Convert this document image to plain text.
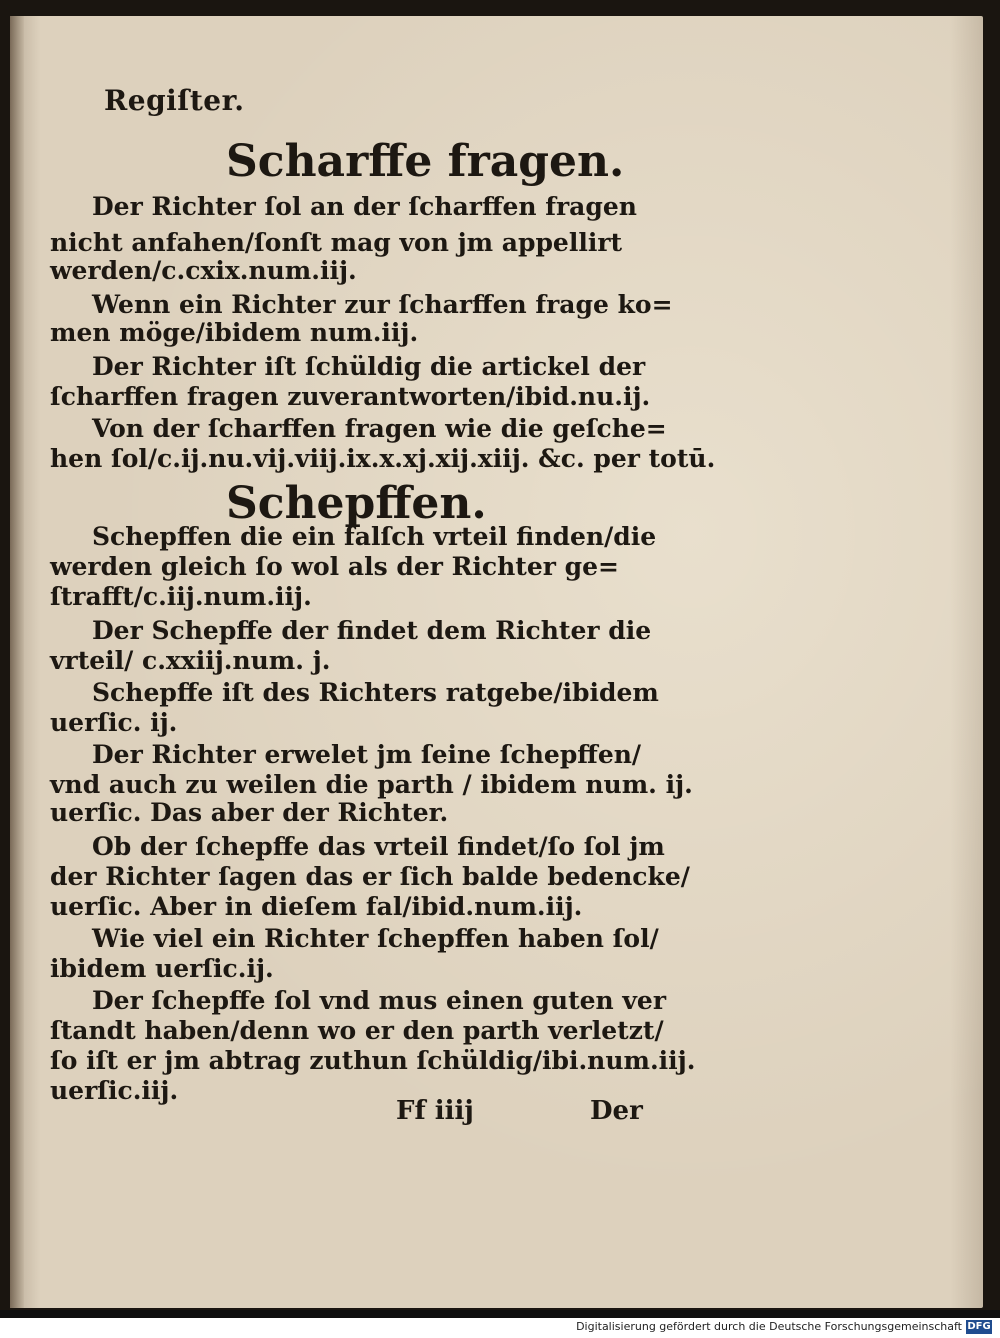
Regiſter.
Scharffe fragen.
Der Richter ſol an der ſcharffen fragen
nicht anfahen/ſonſt mag von jm appellirt
werden/c.cxix.num.iij.
Wenn ein Richter zur ſcharffen frage ko=
men möge/ibidem num.iij.
Der Richter iſt ſchüldig die artickel der
ſcharffen fragen zuverantworten/ibid.nu.ij.
Von der ſcharffen fragen wie die geſche=
hen ſol/c.ij.nu.vij.viij.ix.x.xj.xij.xiij. &c. per totū.
Schepffen.
Schepffen die ein falſch vrteil finden/die
werden gleich ſo wol als der Richter ge=
ſtrafft/c.iij.num.iij.
Der Schepffe der findet dem Richter die
vrteil/ c.xxiij.num. j.
Schepffe iſt des Richters ratgebe/ibidem
uerſic. ij.
Der Richter erwelet jm ſeine ſchepffen/
vnd auch zu weilen die parth / ibidem num. ij.
uerſic. Das aber der Richter.
Ob der ſchepffe das vrteil findet/ſo ſol jm
der Richter ſagen das er ſich balde bedencke/
uerſic. Aber in dieſem fal/ibid.num.iij.
Wie viel ein Richter ſchepffen haben ſol/
ibidem uerſic.ij.
Der ſchepffe ſol vnd mus einen guten ver
ſtandt haben/denn wo er den parth verletzt/
ſo iſt er jm abtrag zuthun ſchüldig/ibi.num.iij.
uerſic.iij.
Ff iiij	Der
Digitalisierung gefördert durch die Deutsche Forschungsgemeinschaft DFG
